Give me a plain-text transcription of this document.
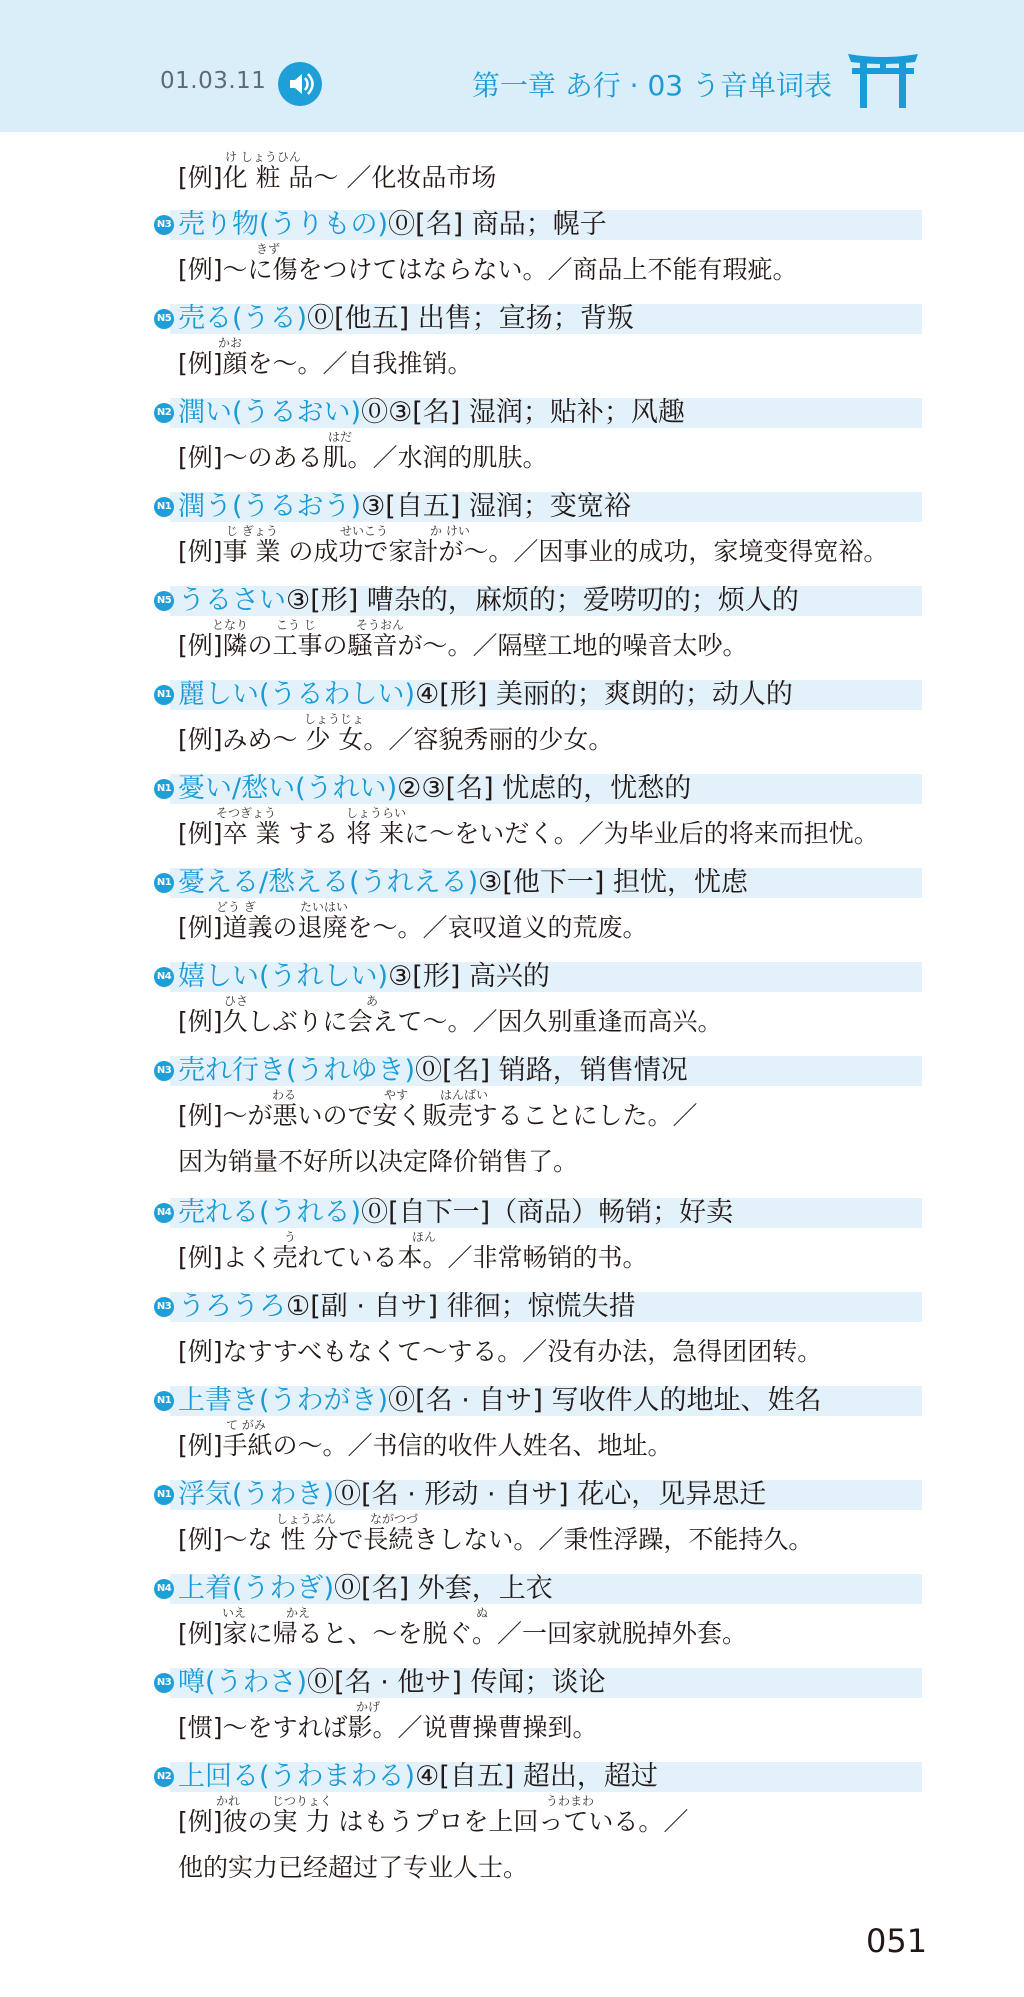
01.03.11	第一章 あ行 · 03 う音单词表
け しょうひん
[例]化 粧 品～ ／化妆品市场
N3 売り物(うりもの)⓪[名] 商品；幌子
きず
[例]～に傷をつけてはならない。／商品上不能有瑕疵。
N5 売る(うる)⓪[他五] 出售；宣扬；背叛
かお
[例]顔を～。／自我推销。
N2 潤い(うるおい)⓪③[名] 湿润；贴补；风趣
はだ
[例]～のある肌。／水润的肌肤。
N1 潤う(うるおう)③[自五] 湿润；变宽裕
じ ぎょう	せいこう	か けい
[例]事 業 の成功で家計が～。／因事业的成功，家境变得宽裕。
N5 うるさい③[形] 嘈杂的，麻烦的；爱唠叨的；烦人的
となり こう じ	そうおん
[例]隣の工事の騒音が～。／隔壁工地的噪音太吵。
N1 麗しい(うるわしい)④[形] 美丽的；爽朗的；动人的
しょうじょ
[例]みめ～ 少 女。／容貌秀丽的少女。
N1 憂い/愁い(うれい)②③[名] 忧虑的，忧愁的
そつぎょう	しょうらい
[例]卒 業 する 将 来に～をいだく。／为毕业后的将来而担忧。
N1 憂える/愁える(うれえる)③[他下一] 担忧，忧虑
どう ぎ	たいはい
[例]道義の退廃を～。／哀叹道义的荒废。
N4 嬉しい(うれしい)③[形] 高兴的
ひさ	あ
[例]久しぶりに会えて～。／因久别重逢而高兴。
N3 売れ行き(うれゆき)⓪[名] 销路，销售情况
わる	やす	はんばい
[例]～が悪いので安く販売することにした。／
因为销量不好所以决定降价销售了。
N4 売れる(うれる)⓪[自下一]（商品）畅销；好卖
う	ほん
[例]よく売れている本。／非常畅销的书。
N3 うろうろ①[副 · 自サ] 徘徊；惊慌失措
[例]なすすべもなくて～する。／没有办法，急得团团转。
N1 上書き(うわがき)⓪[名 · 自サ] 写收件人的地址、姓名
て がみ
[例]手紙の～。／书信的收件人姓名、地址。
N1 浮気(うわき)⓪[名 · 形动 · 自サ] 花心，见异思迁
しょうぶん	ながつづ
[例]～な 性 分で長続きしない。／秉性浮躁，不能持久。
N4 上着(うわぎ)⓪[名] 外套，上衣
いえ	かえ	ぬ
[例]家に帰ると、～を脱ぐ。／一回家就脱掉外套。
N3 噂(うわさ)⓪[名 · 他サ] 传闻；谈论
かげ
[惯]～をすれば影。／说曹操曹操到。
N2 上回る(うわまわる)④[自五] 超出，超过
かれ	じつりょく	うわまわ
[例]彼の実 力 はもうプロを上回っている。／
他的实力已经超过了专业人士。
051
